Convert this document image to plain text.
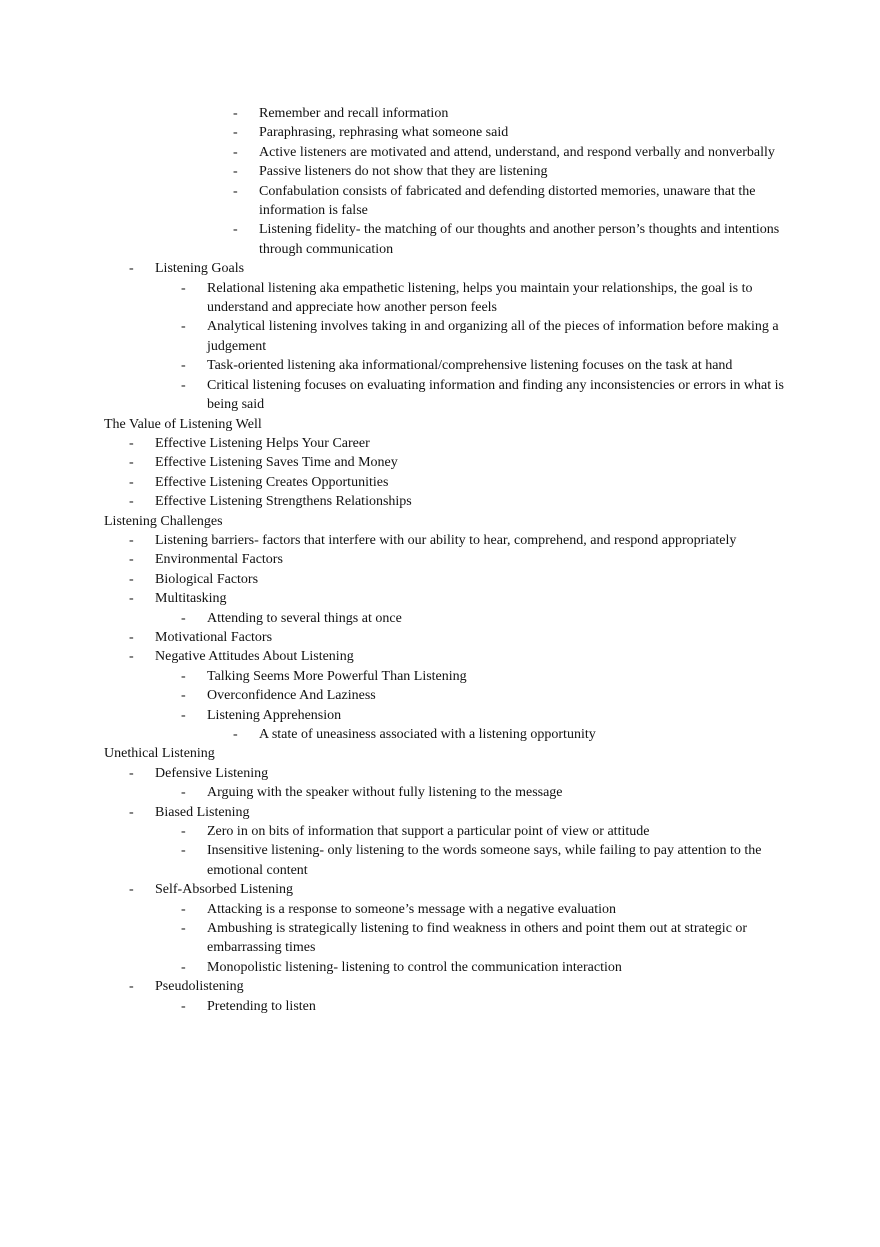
- Remember and recall information
- Paraphrasing, rephrasing what someone said
- Active listeners are motivated and attend, understand, and respond verbally and nonverbally
- Passive listeners do not show that they are listening
- Confabulation consists of fabricated and defending distorted memories, unaware that the information is false
- Listening fidelity- the matching of our thoughts and another person’s thoughts and intentions through communication
- Listening Goals
- Relational listening aka empathetic listening, helps you maintain your relationships, the goal is to understand and appreciate how another person feels
- Analytical listening involves taking in and organizing all of the pieces of information before making a judgement
- Task-oriented listening aka informational/comprehensive listening focuses on the task at hand
- Critical listening focuses on evaluating information and finding any inconsistencies or errors in what is being said
The Value of Listening Well
- Effective Listening Helps Your Career
- Effective Listening Saves Time and Money
- Effective Listening Creates Opportunities
- Effective Listening Strengthens Relationships
Listening Challenges
- Listening barriers- factors that interfere with our ability to hear, comprehend, and respond appropriately
- Environmental Factors
- Biological Factors
- Multitasking
- Attending to several things at once
- Motivational Factors
- Negative Attitudes About Listening
- Talking Seems More Powerful Than Listening
- Overconfidence And Laziness
- Listening Apprehension
- A state of uneasiness associated with a listening opportunity
Unethical Listening
- Defensive Listening
- Arguing with the speaker without fully listening to the message
- Biased Listening
- Zero in on bits of information that support a particular point of view or attitude
- Insensitive listening- only listening to the words someone says, while failing to pay attention to the emotional content
- Self-Absorbed Listening
- Attacking is a response to someone’s message with a negative evaluation
- Ambushing is strategically listening to find weakness in others and point them out at strategic or embarrassing times
- Monopolistic listening- listening to control the communication interaction
- Pseudolistening
- Pretending to listen
